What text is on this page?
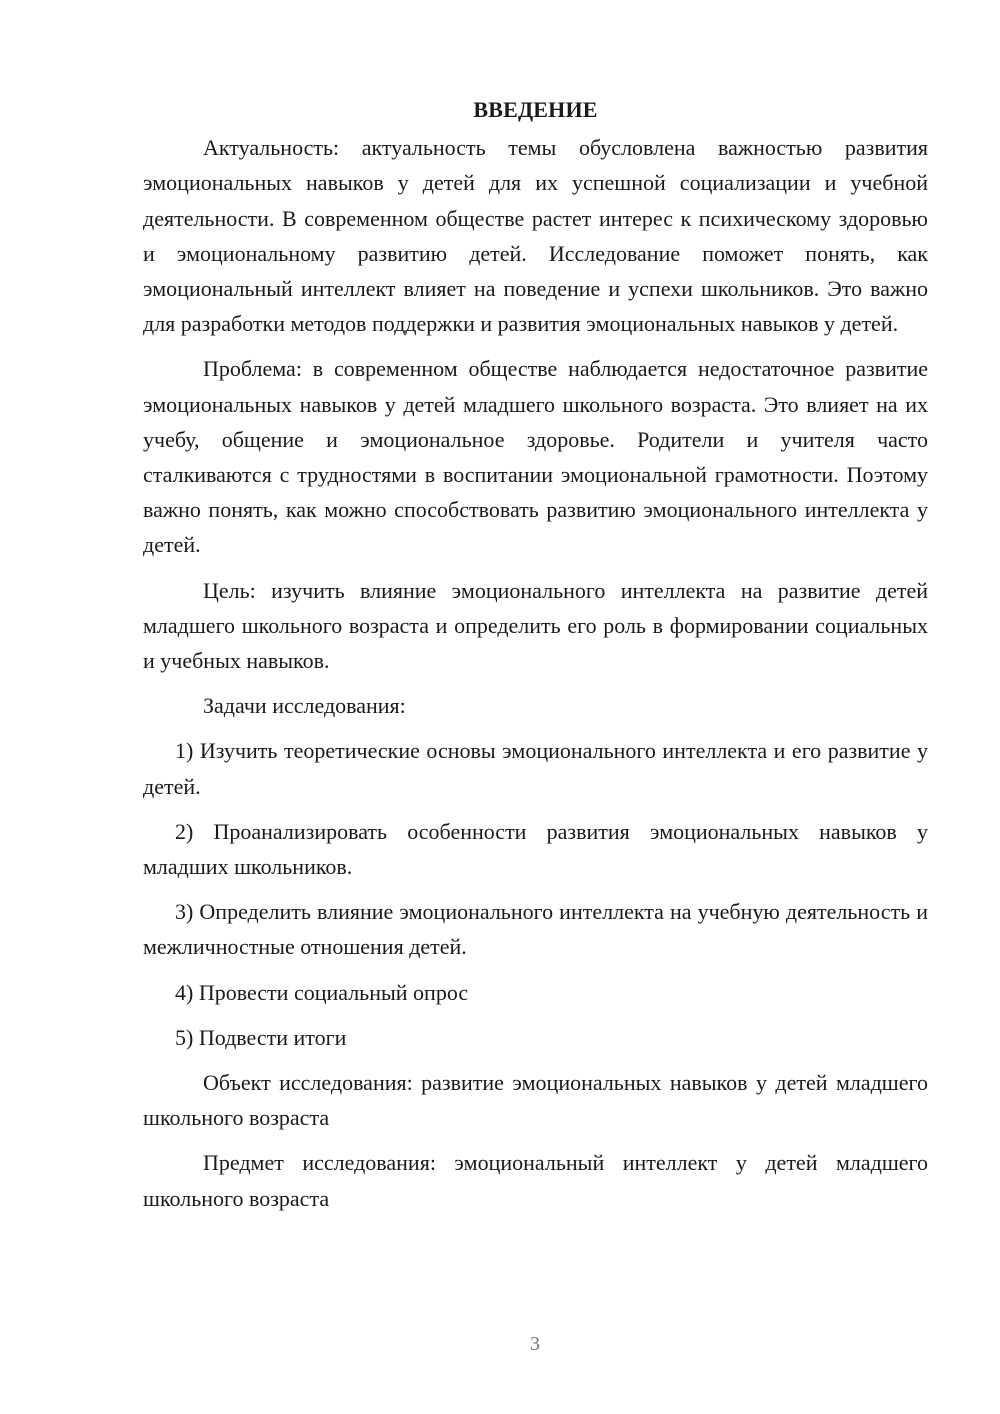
ВВЕДЕНИЕ

Актуальность: актуальность темы обусловлена важностью развития эмоциональных навыков у детей для их успешной социализации и учебной деятельности. В современном обществе растет интерес к психическому здоровью и эмоциональному развитию детей. Исследование поможет понять, как эмоциональный интеллект влияет на поведение и успехи школьников. Это важно для разработки методов поддержки и развития эмоциональных навыков у детей.

Проблема: в современном обществе наблюдается недостаточное развитие эмоциональных навыков у детей младшего школьного возраста. Это влияет на их учебу, общение и эмоциональное здоровье. Родители и учителя часто сталкиваются с трудностями в воспитании эмоциональной грамотности. Поэтому важно понять, как можно способствовать развитию эмоционального интеллекта у детей.

Цель: изучить влияние эмоционального интеллекта на развитие детей младшего школьного возраста и определить его роль в формировании социальных и учебных навыков.

Задачи исследования:

1) Изучить теоретические основы эмоционального интеллекта и его развитие у детей.

2) Проанализировать особенности развития эмоциональных навыков у младших школьников.

3) Определить влияние эмоционального интеллекта на учебную деятельность и межличностные отношения детей.

4) Провести социальный опрос

5) Подвести итоги

Объект исследования: развитие эмоциональных навыков у детей младшего школьного возраста

Предмет исследования: эмоциональный интеллект у детей младшего школьного возраста

3
